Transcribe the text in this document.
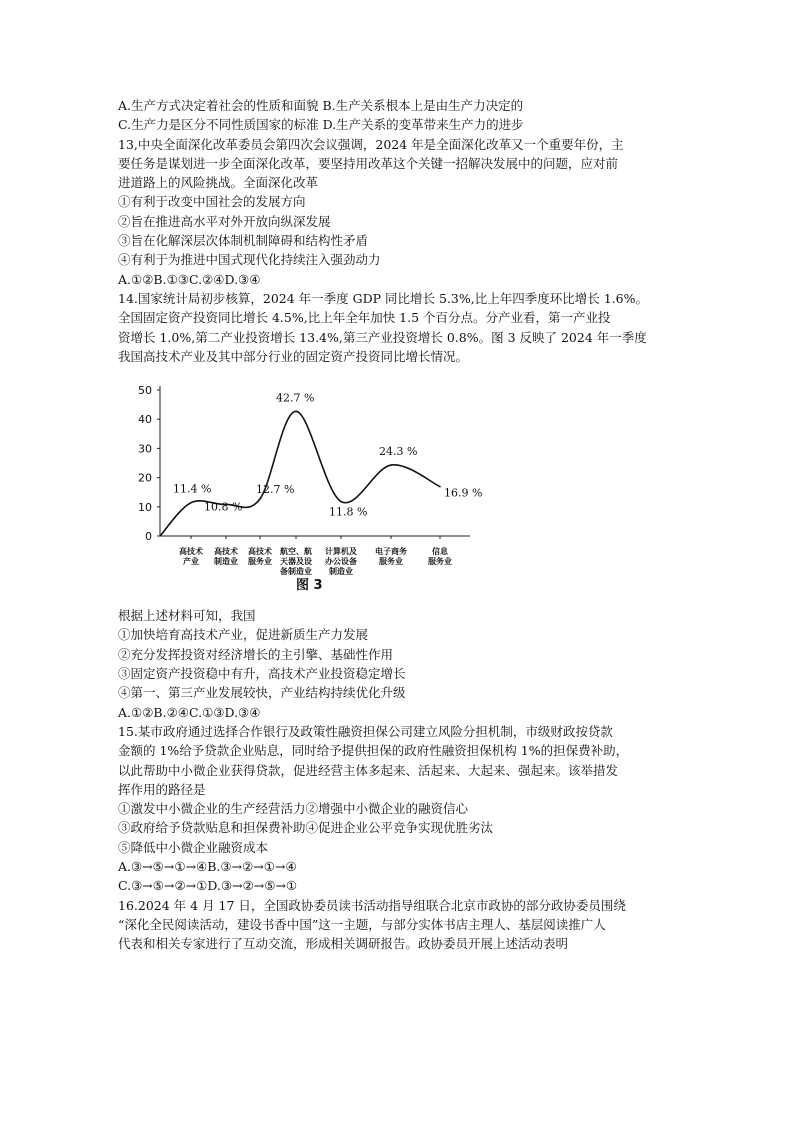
A.生产方式决定着社会的性质和面貌 B.生产关系根本上是由生产力决定的
C.生产力是区分不同性质国家的标准 D.生产关系的变革带来生产力的进步
13,中央全面深化改革委员会第四次会议强调，2024 年是全面深化改革又一个重要年份，主
要任务是谋划进一步全面深化改革，要坚持用改革这个关键一招解决发展中的问题，应对前
进道路上的风险挑战。全面深化改革
①有利于改变中国社会的发展方向
②旨在推进高水平对外开放向纵深发展
③旨在化解深层次体制机制障碍和结构性矛盾
④有利于为推进中国式现代化持续注入强劲动力
A.①②B.①③C.②④D.③④
14.国家统计局初步核算，2024 年一季度 GDP 同比增长 5.3%,比上年四季度环比增长 1.6%。
全国固定资产投资同比增长 4.5%,比上年全年加快 1.5 个百分点。分产业看，第一产业投
资增长 1.0%,第二产业投资增长 13.4%,第三产业投资增长 0.8%。图 3 反映了 2024 年一季度
我国高技术产业及其中部分行业的固定资产投资同比增长情况。
0
10
20
30
40
50
11.4 %
10.8 %
12.7 %
42.7 %
11.8 %
24.3 %
16.9 %
高技术
产业
高技术
制造业
高技术
服务业
航空、航
天器及设
备制造业
计算机及
办公设备
制造业
电子商务
服务业
信息
服务业
图 3
根据上述材料可知，我国
①加快培育高技术产业，促进新质生产力发展
②充分发挥投资对经济增长的主引擎、基础性作用
③固定资产投资稳中有升，高技术产业投资稳定增长
④第一、第三产业发展较快，产业结构持续优化升级
A.①②B.②④C.①③D.③④
15.某市政府通过选择合作银行及政策性融资担保公司建立风险分担机制，市级财政按贷款
金额的 1%给予贷款企业贴息，同时给予提供担保的政府性融资担保机构 1%的担保费补助，
以此帮助中小微企业获得贷款，促进经营主体多起来、活起来、大起来、强起来。该举措发
挥作用的路径是
①激发中小微企业的生产经营活力②增强中小微企业的融资信心
③政府给予贷款贴息和担保费补助④促进企业公平竞争实现优胜劣汰
⑤降低中小微企业融资成本
A.③→⑤→①→④B.③→②→①→④
C.③→⑤→②→①D.③→②→⑤→①
16.2024 年 4 月 17 日，全国政协委员读书活动指导组联合北京市政协的部分政协委员围绕
“深化全民阅读活动，建设书香中国”这一主题，与部分实体书店主理人、基层阅读推广人
代表和相关专家进行了互动交流，形成相关调研报告。政协委员开展上述活动表明
